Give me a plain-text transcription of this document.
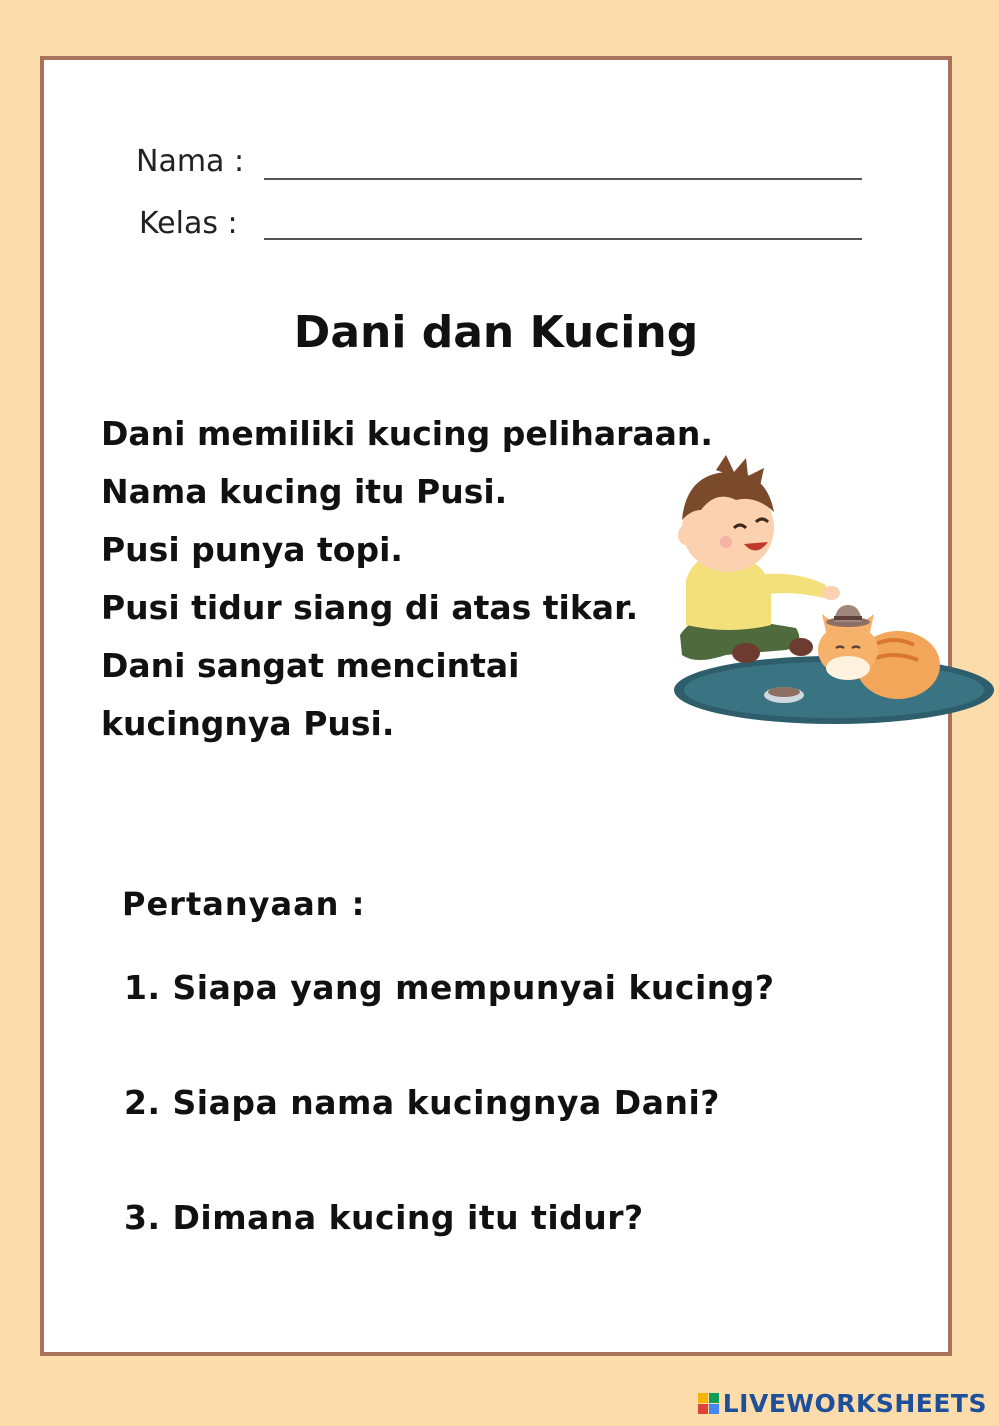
Nama :
Kelas :
Dani dan Kucing
Dani memiliki kucing peliharaan.
Nama kucing itu Pusi.
Pusi punya topi.
Pusi tidur siang di atas tikar.
Dani sangat mencintai
kucingnya Pusi.
Pertanyaan :
1. Siapa yang mempunyai kucing?
2. Siapa nama kucingnya Dani?
3. Dimana kucing itu tidur?
LIVEWORKSHEETS
